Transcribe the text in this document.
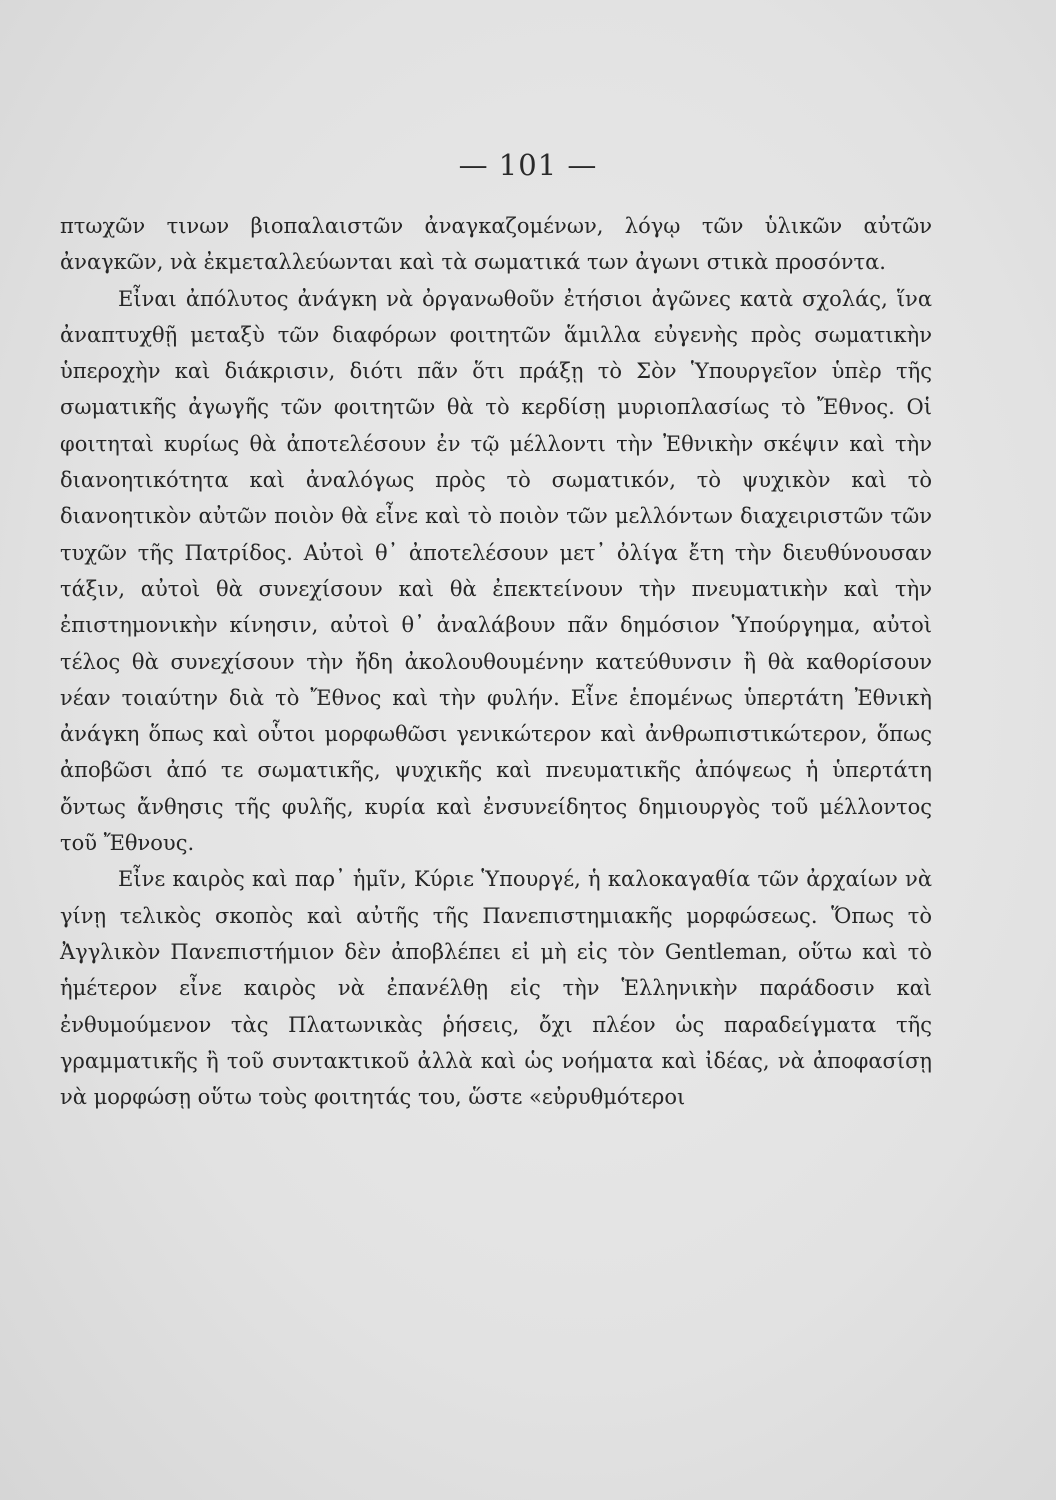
— 101 —

πτωχῶν τινων βιοπαλαιστῶν ἀναγκαζομένων, λόγῳ τῶν ὑλικῶν αὐτῶν ἀναγκῶν, νὰ ἐκμεταλλεύωνται καὶ τὰ σωματικά των ἀγωνι στικὰ προσόντα.

Εἶναι ἀπόλυτος ἀνάγκη νὰ ὀργανωθοῦν ἐτήσιοι ἀγῶνες κατὰ σχολάς, ἵνα ἀναπτυχθῇ μεταξὺ τῶν διαφόρων φοιτητῶν ἅμιλλα εὐγενὴς πρὸς σωματικὴν ὑπεροχὴν καὶ διάκρισιν, διότι πᾶν ὅτι πράξῃ τὸ Σὸν Ὑπουργεῖον ὑπὲρ τῆς σωματικῆς ἀγωγῆς τῶν φοιτητῶν θὰ τὸ κερδίσῃ μυριοπλασίως τὸ Ἔθνος. Οἱ φοιτηταὶ κυρίως θὰ ἀποτελέσουν ἐν τῷ μέλλοντι τὴν Ἐθνικὴν σκέψιν καὶ τὴν διανοητικότητα καὶ ἀναλόγως πρὸς τὸ σωματικόν, τὸ ψυχικὸν καὶ τὸ διανοητικὸν αὐτῶν ποιὸν θὰ εἶνε καὶ τὸ ποιὸν τῶν μελλόντων διαχειριστῶν τῶν τυχῶν τῆς Πατρίδος. Αὐτοὶ θ᾽ ἀποτελέσουν μετ᾽ ὀλίγα ἔτη τὴν διευθύνουσαν τάξιν, αὐτοὶ θὰ συνεχίσουν καὶ θὰ ἐπεκτείνουν τὴν πνευματικὴν καὶ τὴν ἐπιστημονικὴν κίνησιν, αὐτοὶ θ᾽ ἀναλάβουν πᾶν δημόσιον Ὑπούργημα, αὐτοὶ τέλος θὰ συνεχίσουν τὴν ἤδη ἀκολουθουμένην κατεύθυνσιν ἢ θὰ καθορίσουν νέαν τοιαύτην διὰ τὸ Ἔθνος καὶ τὴν φυλήν. Εἶνε ἑπομένως ὑπερτάτη Ἐθνικὴ ἀνάγκη ὅπως καὶ οὗτοι μορφωθῶσι γενικώτερον καὶ ἀνθρωπιστικώτερον, ὅπως ἀποβῶσι ἀπό τε σωματικῆς, ψυχικῆς καὶ πνευματικῆς ἀπόψεως ἡ ὑπερτάτη ὄντως ἄνθησις τῆς φυλῆς, κυρία καὶ ἐνσυνείδητος δημιουργὸς τοῦ μέλλοντος τοῦ Ἔθνους.

Εἶνε καιρὸς καὶ παρ᾽ ἡμῖν, Κύριε Ὑπουργέ, ἡ καλοκαγαθία τῶν ἀρχαίων νὰ γίνῃ τελικὸς σκοπὸς καὶ αὐτῆς τῆς Πανεπιστημιακῆς μορφώσεως. Ὅπως τὸ Ἀγγλικὸν Πανεπιστήμιον δὲν ἀποβλέπει εἰ μὴ εἰς τὸν Gentleman, οὕτω καὶ τὸ ἡμέτερον εἶνε καιρὸς νὰ ἐπανέλθῃ εἰς τὴν Ἑλληνικὴν παράδοσιν καὶ ἐνθυμούμενον τὰς Πλατωνικὰς ῥήσεις, ὄχι πλέον ὡς παραδείγματα τῆς γραμματικῆς ἢ τοῦ συντακτικοῦ ἀλλὰ καὶ ὡς νοήματα καὶ ἰδέας, νὰ ἀποφασίσῃ νὰ μορφώσῃ οὕτω τοὺς φοιτητάς του, ὥστε «εὐρυθμότεροι
